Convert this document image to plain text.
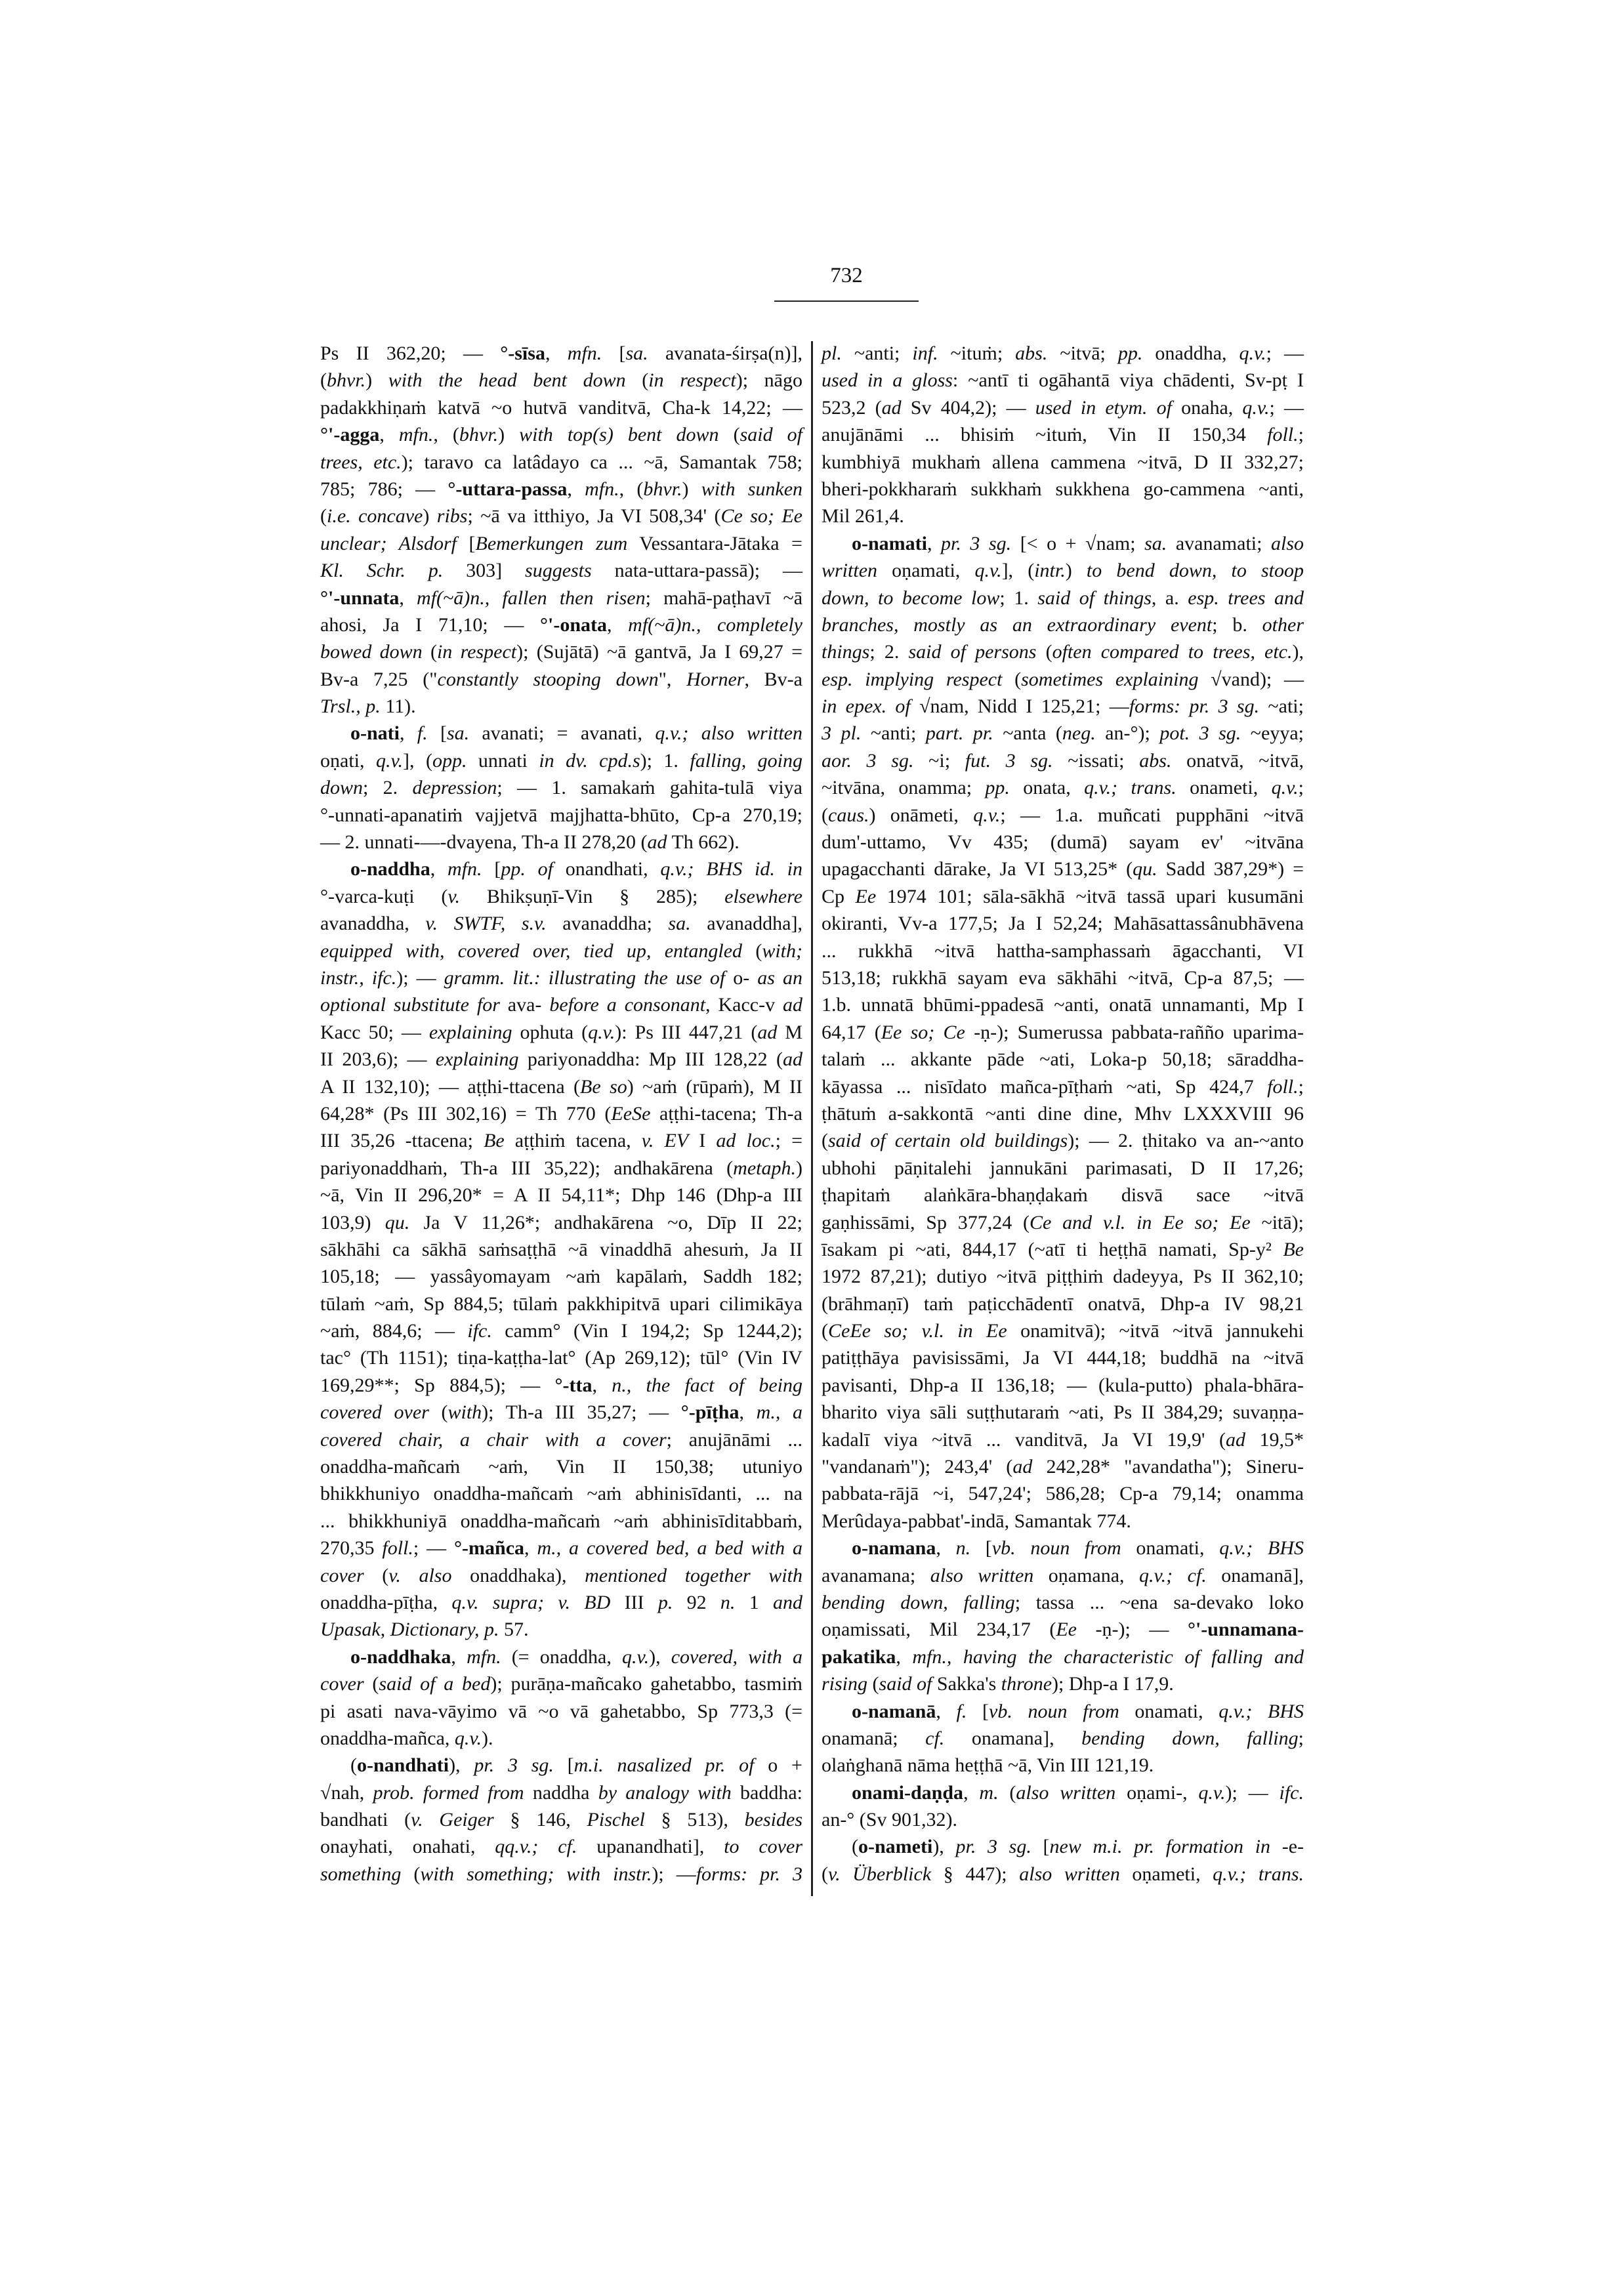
732
Ps II 362,20; — °-sīsa, mfn. [sa. avanata-śirṣa(n)],
(bhvr.) with the head bent down (in respect); nāgo
padakkhiṇaṁ katvā ~o hutvā vanditvā, Cha-k 14,22; —
°'-agga, mfn., (bhvr.) with top(s) bent down (said of
trees, etc.); taravo ca latâdayo ca ... ~ā, Samantak 758;
785; 786; — °-uttara-passa, mfn., (bhvr.) with sunken
(i.e. concave) ribs; ~ā va itthiyo, Ja VI 508,34' (Ce so; Ee
unclear; Alsdorf [Bemerkungen zum Vessantara-Jātaka =
Kl. Schr. p. 303] suggests nata-uttara-passā); —
°'-unnata, mf(~ā)n., fallen then risen; mahā-paṭhavī ~ā
ahosi, Ja I 71,10; — °'-onata, mf(~ā)n., completely
bowed down (in respect); (Sujātā) ~ā gantvā, Ja I 69,27 =
Bv-a 7,25 ("constantly stooping down", Horner, Bv-a
Trsl., p. 11).
o-nati, f. [sa. avanati; = avanati, q.v.; also written
oṇati, q.v.], (opp. unnati in dv. cpd.s); 1. falling, going
down; 2. depression; — 1. samakaṁ gahita-tulā viya
°-unnati-apanatiṁ vajjetvā majjhatta-bhūto, Cp-a 270,19;
— 2. unnati-—-dvayena, Th-a II 278,20 (ad Th 662).
o-naddha, mfn. [pp. of onandhati, q.v.; BHS id. in
°-varca-kuṭi (v. Bhikṣuṇī-Vin § 285); elsewhere
avanaddha, v. SWTF, s.v. avanaddha; sa. avanaddha],
equipped with, covered over, tied up, entangled (with;
instr., ifc.); — gramm. lit.: illustrating the use of o- as an
optional substitute for ava- before a consonant, Kacc-v ad
Kacc 50; — explaining ophuta (q.v.): Ps III 447,21 (ad M
II 203,6); — explaining pariyonaddha: Mp III 128,22 (ad
A II 132,10); — aṭṭhi-ttacena (Be so) ~aṁ (rūpaṁ), M II
64,28* (Ps III 302,16) = Th 770 (EeSe aṭṭhi-tacena; Th-a
III 35,26 -ttacena; Be aṭṭhiṁ tacena, v. EV I ad loc.; =
pariyonaddhaṁ, Th-a III 35,22); andhakārena (metaph.)
~ā, Vin II 296,20* = A II 54,11*; Dhp 146 (Dhp-a III
103,9) qu. Ja V 11,26*; andhakārena ~o, Dīp II 22;
sākhāhi ca sākhā saṁsaṭṭhā ~ā vinaddhā ahesuṁ, Ja II
105,18; — yassâyomayam ~aṁ kapālaṁ, Saddh 182;
tūlaṁ ~aṁ, Sp 884,5; tūlaṁ pakkhipitvā upari cilimikāya
~aṁ, 884,6; — ifc. camm° (Vin I 194,2; Sp 1244,2);
tac° (Th 1151); tiṇa-kaṭṭha-lat° (Ap 269,12); tūl° (Vin IV
169,29**; Sp 884,5); — °-tta, n., the fact of being
covered over (with); Th-a III 35,27; — °-pīṭha, m., a
covered chair, a chair with a cover; anujānāmi ...
onaddha-mañcaṁ ~aṁ, Vin II 150,38; utuniyo
bhikkhuniyo onaddha-mañcaṁ ~aṁ abhinisīdanti, ... na
... bhikkhuniyā onaddha-mañcaṁ ~aṁ abhinisīditabbaṁ,
270,35 foll.; — °-mañca, m., a covered bed, a bed with a
cover (v. also onaddhaka), mentioned together with
onaddha-pīṭha, q.v. supra; v. BD III p. 92 n. 1 and
Upasak, Dictionary, p. 57.
o-naddhaka, mfn. (= onaddha, q.v.), covered, with a
cover (said of a bed); purāṇa-mañcako gahetabbo, tasmiṁ
pi asati nava-vāyimo vā ~o vā gahetabbo, Sp 773,3 (=
onaddha-mañca, q.v.).
(o-nandhati), pr. 3 sg. [m.i. nasalized pr. of o +
√nah, prob. formed from naddha by analogy with baddha:
bandhati (v. Geiger § 146, Pischel § 513), besides
onayhati, onahati, qq.v.; cf. upanandhati], to cover
something (with something; with instr.); —forms: pr. 3
pl. ~anti; inf. ~ituṁ; abs. ~itvā; pp. onaddha, q.v.; —
used in a gloss: ~antī ti ogāhantā viya chādenti, Sv-pṭ I
523,2 (ad Sv 404,2); — used in etym. of onaha, q.v.; —
anujānāmi ... bhisiṁ ~ituṁ, Vin II 150,34 foll.;
kumbhiyā mukhaṁ allena cammena ~itvā, D II 332,27;
bheri-pokkharaṁ sukkhaṁ sukkhena go-cammena ~anti,
Mil 261,4.
o-namati, pr. 3 sg. [< o + √nam; sa. avanamati; also
written oṇamati, q.v.], (intr.) to bend down, to stoop
down, to become low; 1. said of things, a. esp. trees and
branches, mostly as an extraordinary event; b. other
things; 2. said of persons (often compared to trees, etc.),
esp. implying respect (sometimes explaining √vand); —
in epex. of √nam, Nidd I 125,21; —forms: pr. 3 sg. ~ati;
3 pl. ~anti; part. pr. ~anta (neg. an-°); pot. 3 sg. ~eyya;
aor. 3 sg. ~i; fut. 3 sg. ~issati; abs. onatvā, ~itvā,
~itvāna, onamma; pp. onata, q.v.; trans. onameti, q.v.;
(caus.) onāmeti, q.v.; — 1.a. muñcati pupphāni ~itvā
dum'-uttamo, Vv 435; (dumā) sayam ev' ~itvāna
upagacchanti dārake, Ja VI 513,25* (qu. Sadd 387,29*) =
Cp Ee 1974 101; sāla-sākhā ~itvā tassā upari kusumāni
okiranti, Vv-a 177,5; Ja I 52,24; Mahāsattassânubhāvena
... rukkhā ~itvā hattha-samphassaṁ āgacchanti, VI
513,18; rukkhā sayam eva sākhāhi ~itvā, Cp-a 87,5; —
1.b. unnatā bhūmi-ppadesā ~anti, onatā unnamanti, Mp I
64,17 (Ee so; Ce -ṇ-); Sumerussa pabbata-rañño uparima-
talaṁ ... akkante pāde ~ati, Loka-p 50,18; sāraddha-
kāyassa ... nisīdato mañca-pīṭhaṁ ~ati, Sp 424,7 foll.;
ṭhātuṁ a-sakkontā ~anti dine dine, Mhv LXXXVIII 96
(said of certain old buildings); — 2. ṭhitako va an-~anto
ubhohi pāṇitalehi jannukāni parimasati, D II 17,26;
ṭhapitaṁ alaṅkāra-bhaṇḍakaṁ disvā sace ~itvā
gaṇhissāmi, Sp 377,24 (Ce and v.l. in Ee so; Ee ~itā);
īsakam pi ~ati, 844,17 (~atī ti heṭṭhā namati, Sp-y² Be
1972 87,21); dutiyo ~itvā piṭṭhiṁ dadeyya, Ps II 362,10;
(brāhmaṇī) taṁ paṭicchādentī onatvā, Dhp-a IV 98,21
(CeEe so; v.l. in Ee onamitvā); ~itvā ~itvā jannukehi
patiṭṭhāya pavisissāmi, Ja VI 444,18; buddhā na ~itvā
pavisanti, Dhp-a II 136,18; — (kula-putto) phala-bhāra-
bharito viya sāli suṭṭhutaraṁ ~ati, Ps II 384,29; suvaṇṇa-
kadalī viya ~itvā ... vanditvā, Ja VI 19,9' (ad 19,5*
"vandanaṁ"); 243,4' (ad 242,28* "avandatha"); Sineru-
pabbata-rājā ~i, 547,24'; 586,28; Cp-a 79,14; onamma
Merûdaya-pabbat'-indā, Samantak 774.
o-namana, n. [vb. noun from onamati, q.v.; BHS
avanamana; also written oṇamana, q.v.; cf. onamanā],
bending down, falling; tassa ... ~ena sa-devako loko
oṇamissati, Mil 234,17 (Ee -ṇ-); — °'-unnamana-
pakatika, mfn., having the characteristic of falling and
rising (said of Sakka's throne); Dhp-a I 17,9.
o-namanā, f. [vb. noun from onamati, q.v.; BHS
onamanā; cf. onamana], bending down, falling;
olaṅghanā nāma heṭṭhā ~ā, Vin III 121,19.
onami-daṇḍa, m. (also written oṇami-, q.v.); — ifc.
an-° (Sv 901,32).
(o-nameti), pr. 3 sg. [new m.i. pr. formation in -e-
(v. Überblick § 447); also written oṇameti, q.v.; trans.
